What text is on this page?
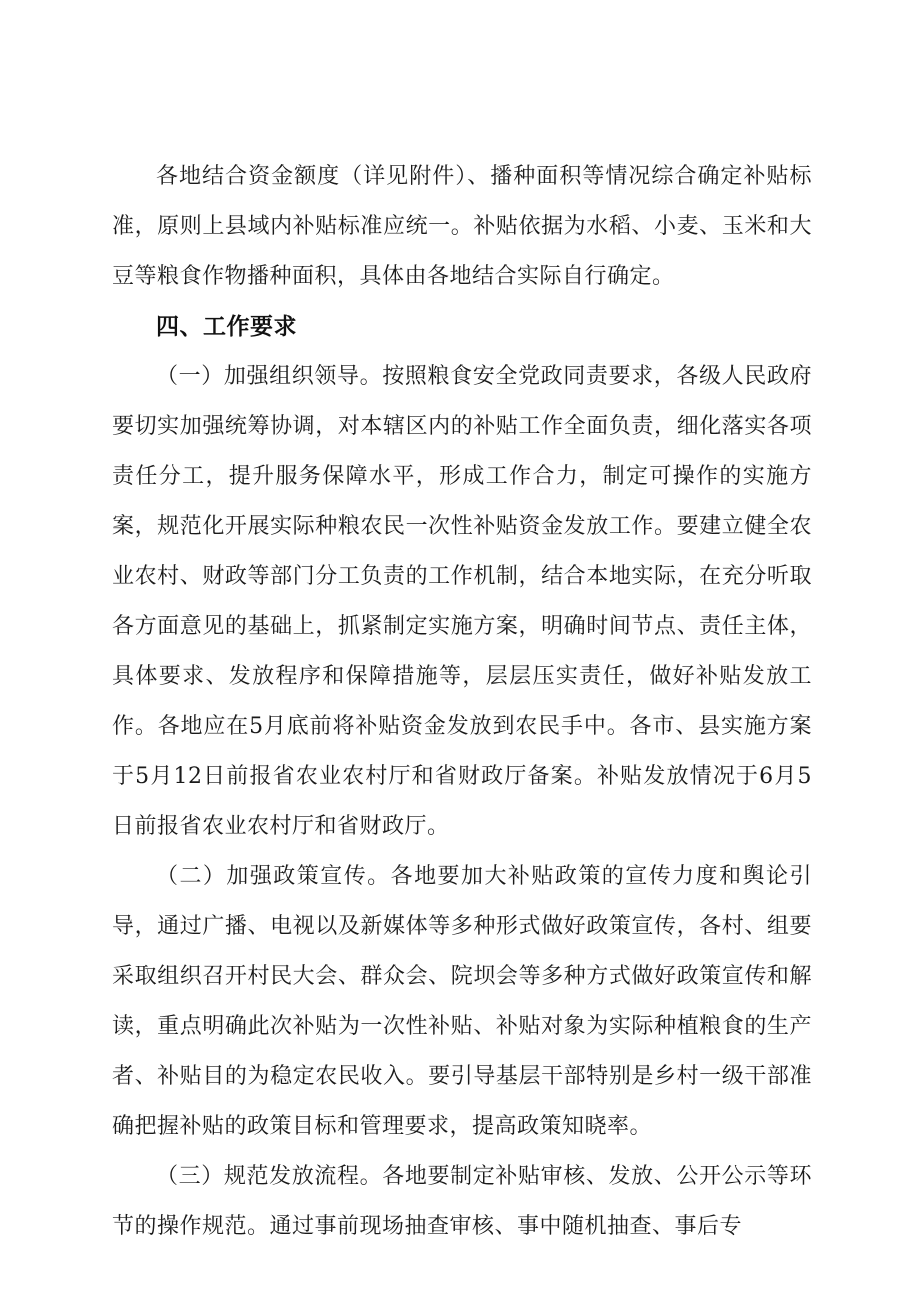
各地结合资金额度（详见附件）、播种面积等情况综合确定补贴标准，原则上县域内补贴标准应统一。补贴依据为水稻、小麦、玉米和大豆等粮食作物播种面积，具体由各地结合实际自行确定。

四、工作要求

（一）加强组织领导。按照粮食安全党政同责要求，各级人民政府要切实加强统筹协调，对本辖区内的补贴工作全面负责，细化落实各项责任分工，提升服务保障水平，形成工作合力，制定可操作的实施方案，规范化开展实际种粮农民一次性补贴资金发放工作。要建立健全农业农村、财政等部门分工负责的工作机制，结合本地实际，在充分听取各方面意见的基础上，抓紧制定实施方案，明确时间节点、责任主体，具体要求、发放程序和保障措施等，层层压实责任，做好补贴发放工作。各地应在5月底前将补贴资金发放到农民手中。各市、县实施方案于5月12日前报省农业农村厅和省财政厅备案。补贴发放情况于6月5日前报省农业农村厅和省财政厅。

（二）加强政策宣传。各地要加大补贴政策的宣传力度和舆论引导，通过广播、电视以及新媒体等多种形式做好政策宣传，各村、组要采取组织召开村民大会、群众会、院坝会等多种方式做好政策宣传和解读，重点明确此次补贴为一次性补贴、补贴对象为实际种植粮食的生产者、补贴目的为稳定农民收入。要引导基层干部特别是乡村一级干部准确把握补贴的政策目标和管理要求，提高政策知晓率。

（三）规范发放流程。各地要制定补贴审核、发放、公开公示等环节的操作规范。通过事前现场抽查审核、事中随机抽查、事后专
